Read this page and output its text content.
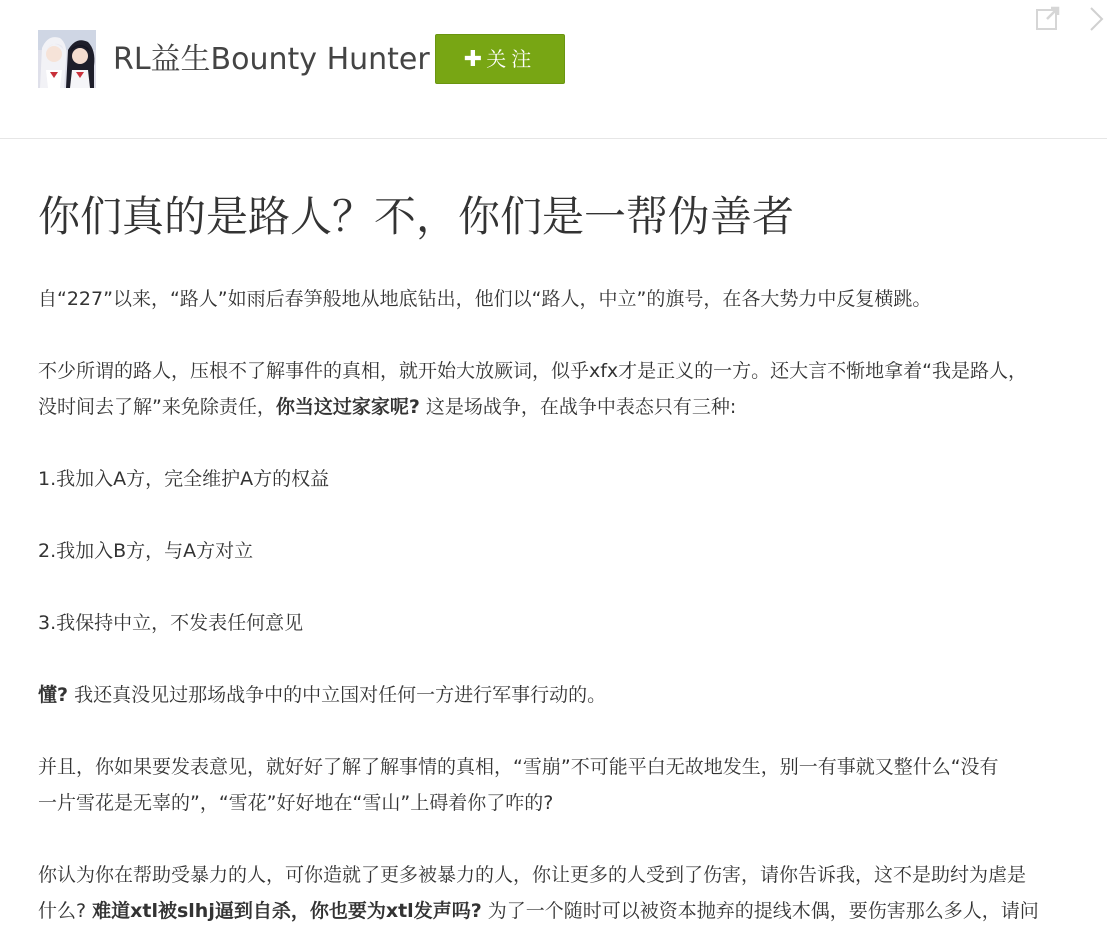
RL益生Bounty Hunter	✚ 关注
你们真的是路人？不，你们是一帮伪善者

自“227”以来，“路人”如雨后春笋般地从地底钻出，他们以“路人，中立”的旗号，在各大势力中反复横跳。

不少所谓的路人，压根不了解事件的真相，就开始大放厥词，似乎xfx才是正义的一方。还大言不惭地拿着“我是路人，
没时间去了解”来免除责任，你当这过家家呢? 这是场战争，在战争中表态只有三种:

1.我加入A方，完全维护A方的权益

2.我加入B方，与A方对立

3.我保持中立，不发表任何意见

懂? 我还真没见过那场战争中的中立国对任何一方进行军事行动的。

并且，你如果要发表意见，就好好了解了解事情的真相，“雪崩”不可能平白无故地发生，别一有事就又整什么“没有
一片雪花是无辜的”，“雪花”好好地在“雪山”上碍着你了咋的?

你认为你在帮助受暴力的人，可你造就了更多被暴力的人，你让更多的人受到了伤害，请你告诉我，这不是助纣为虐是
什么? 难道xtl被slhj逼到自杀，你也要为xtl发声吗? 为了一个随时可以被资本抛弃的提线木偶，要伤害那么多人，请问
